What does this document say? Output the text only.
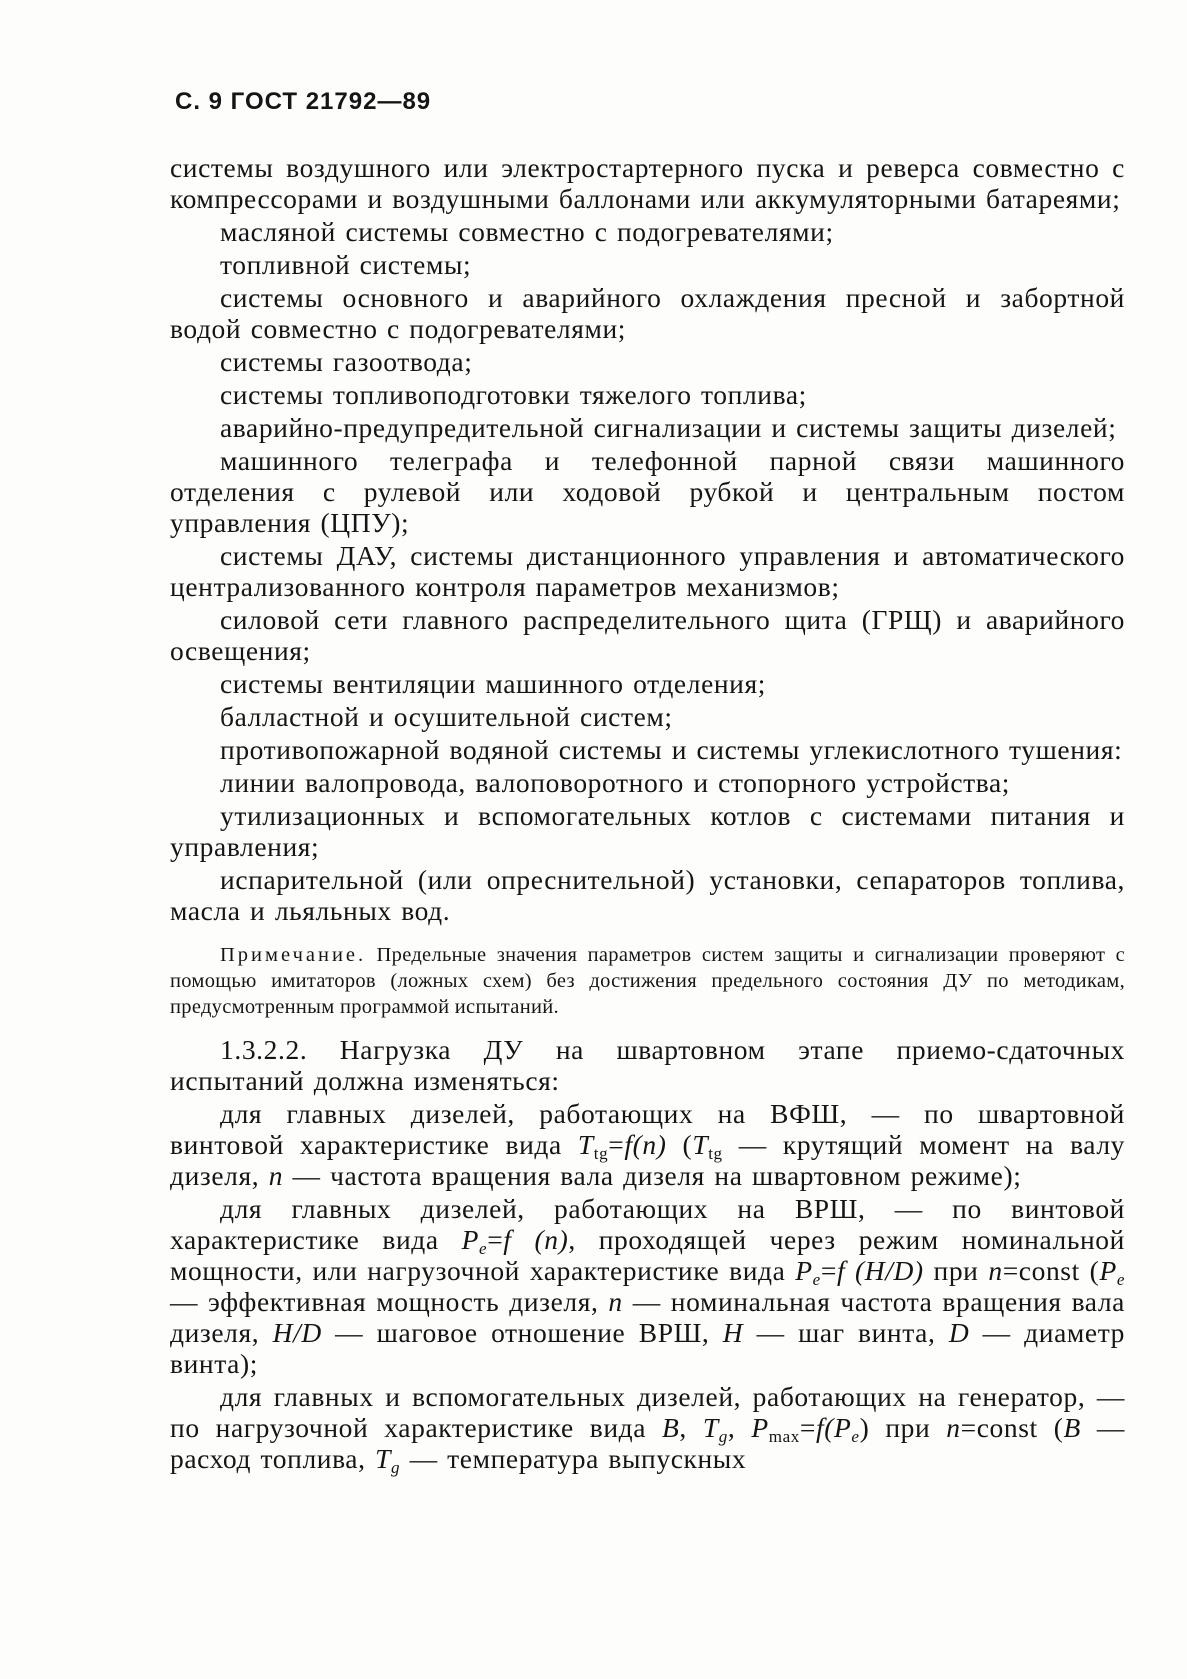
С. 9 ГОСТ 21792—89
системы воздушного или электростартерного пуска и реверса совместно с компрессорами и воздушными баллонами или аккумуляторными батареями;
масляной системы совместно с подогревателями;
топливной системы;
системы основного и аварийного охлаждения пресной и забортной водой совместно с подогревателями;
системы газоотвода;
системы топливоподготовки тяжелого топлива;
аварийно-предупредительной сигнализации и системы защиты дизелей;
машинного телеграфа и телефонной парной связи машинного отделения с рулевой или ходовой рубкой и центральным постом управления (ЦПУ);
системы ДАУ, системы дистанционного управления и автоматического централизованного контроля параметров механизмов;
силовой сети главного распределительного щита (ГРЩ) и аварийного освещения;
системы вентиляции машинного отделения;
балластной и осушительной систем;
противопожарной водяной системы и системы углекислотного тушения:
линии валопровода, валоповоротного и стопорного устройства;
утилизационных и вспомогательных котлов с системами питания и управления;
испарительной (или опреснительной) установки, сепараторов топлива, масла и льяльных вод.
Примечание. Предельные значения параметров систем защиты и сигнализации проверяют с помощью имитаторов (ложных схем) без достижения предельного состояния ДУ по методикам, предусмотренным программой испытаний.
1.3.2.2. Нагрузка ДУ на швартовном этапе приемо-сдаточных испытаний должна изменяться:
для главных дизелей, работающих на ВФШ, — по швартовной винтовой характеристике вида $T_{tg}=f(n)$ ($T_{tg}$ — крутящий момент на валу дизеля, n — частота вращения вала дизеля на швартовном режиме);
для главных дизелей, работающих на ВРШ, — по винтовой характеристике вида $P_e=f$ (n), проходящей через режим номинальной мощности, или нагрузочной характеристике вида $P_e=f$ (H/D) при n=const ($P_e$ — эффективная мощность дизеля, n — номинальная частота вращения вала дизеля, H/D — шаговое отношение ВРШ, H — шаг винта, D — диаметр винта);
для главных и вспомогательных дизелей, работающих на генератор, — по нагрузочной характеристике вида B, $T_g$, $P_{max}=f(P_e)$ при n=const (B — расход топлива, $T_g$ — температура выпускных
